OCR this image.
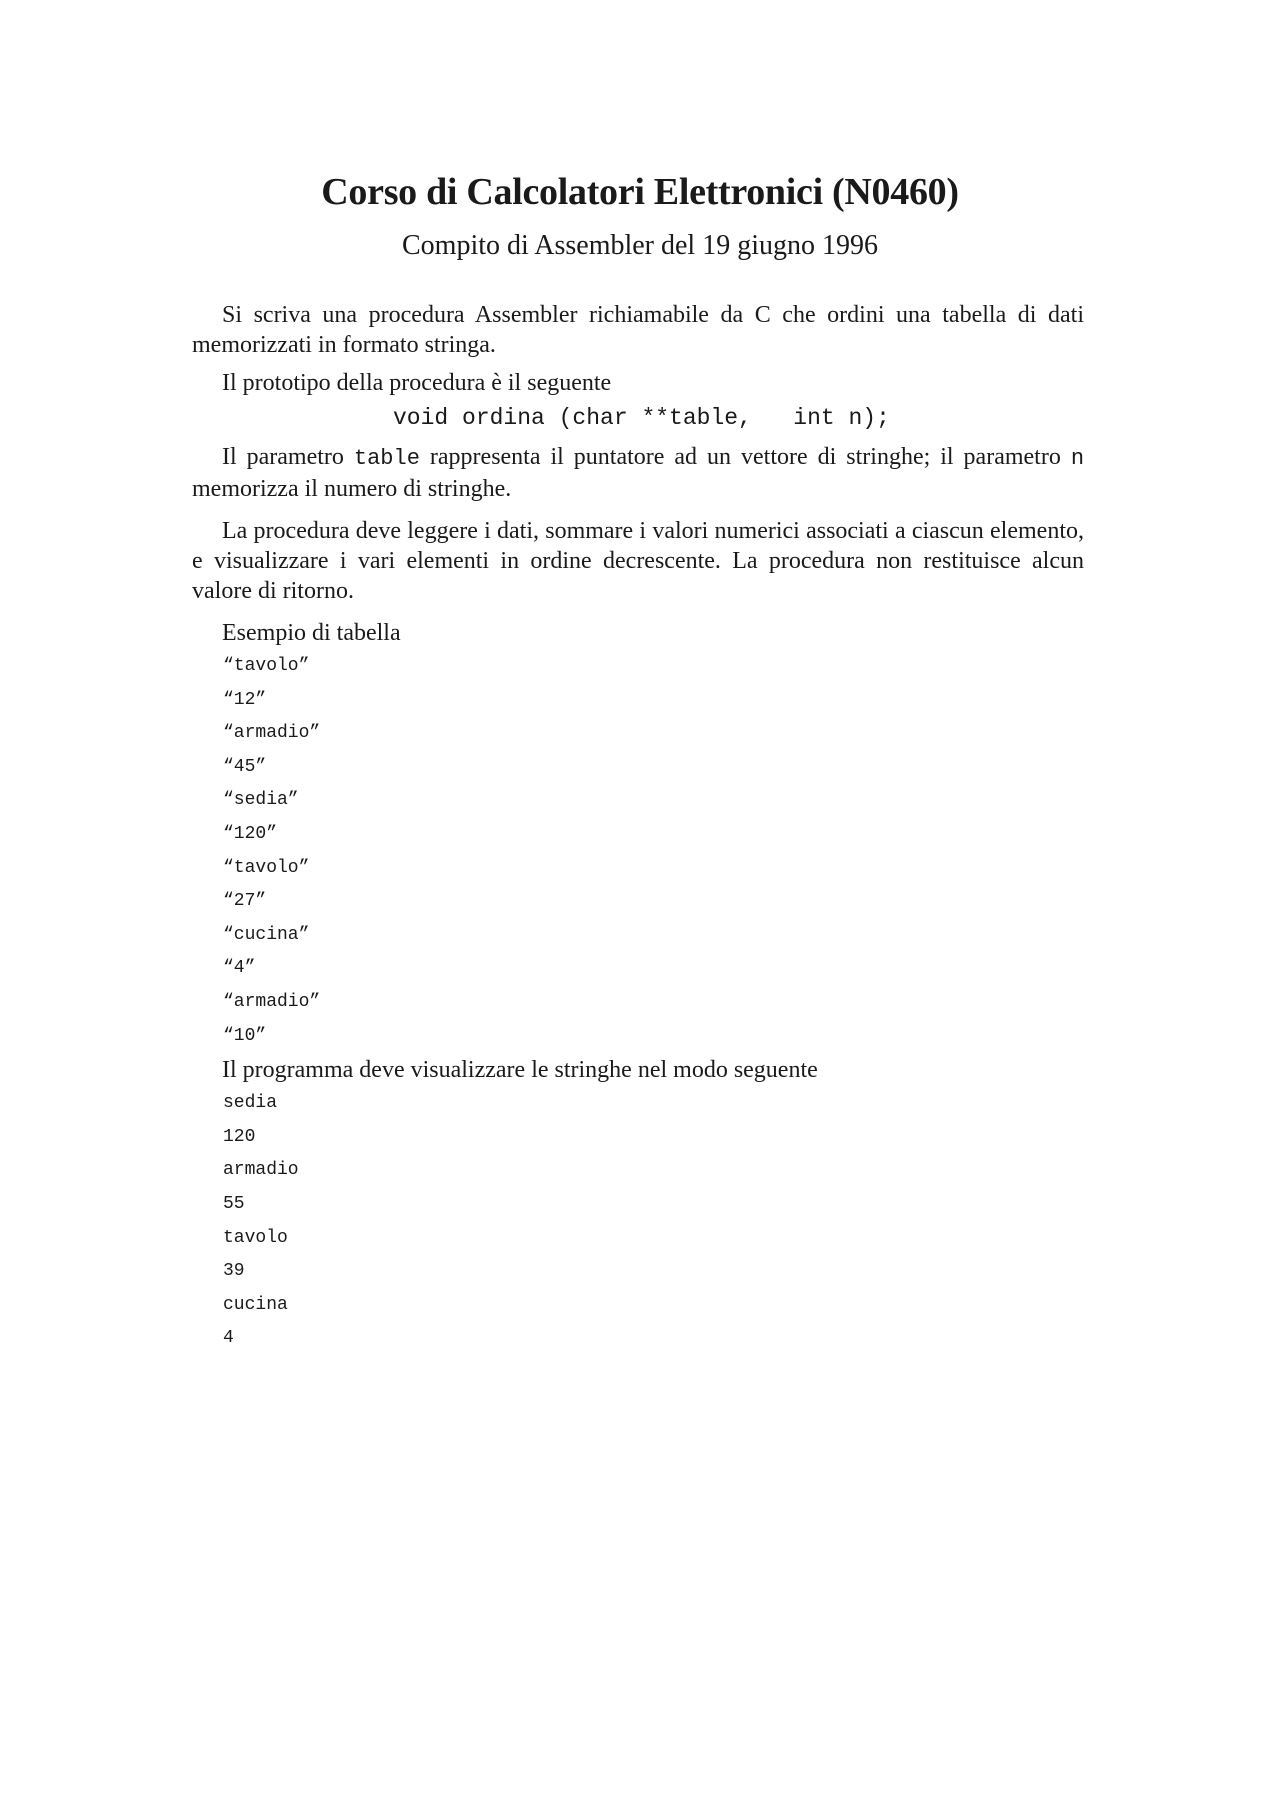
Corso di Calcolatori Elettronici (N0460)
Compito di Assembler del 19 giugno 1996

Si scriva una procedura Assembler richiamabile da C che ordini una tabella di dati memorizzati in formato stringa.

Il prototipo della procedura è il seguente

void ordina (char **table,   int n);

Il parametro table rappresenta il puntatore ad un vettore di stringhe; il parametro n memorizza il numero di stringhe.

La procedura deve leggere i dati, sommare i valori numerici associati a ciascun elemento, e visualizzare i vari elementi in ordine decrescente. La procedura non restituisce alcun valore di ritorno.

Esempio di tabella

“tavolo”
“12”
“armadio”
“45”
“sedia”
“120”
“tavolo”
“27”
“cucina”
“4”
“armadio”
“10”

Il programma deve visualizzare le stringhe nel modo seguente

sedia
120
armadio
55
tavolo
39
cucina
4
